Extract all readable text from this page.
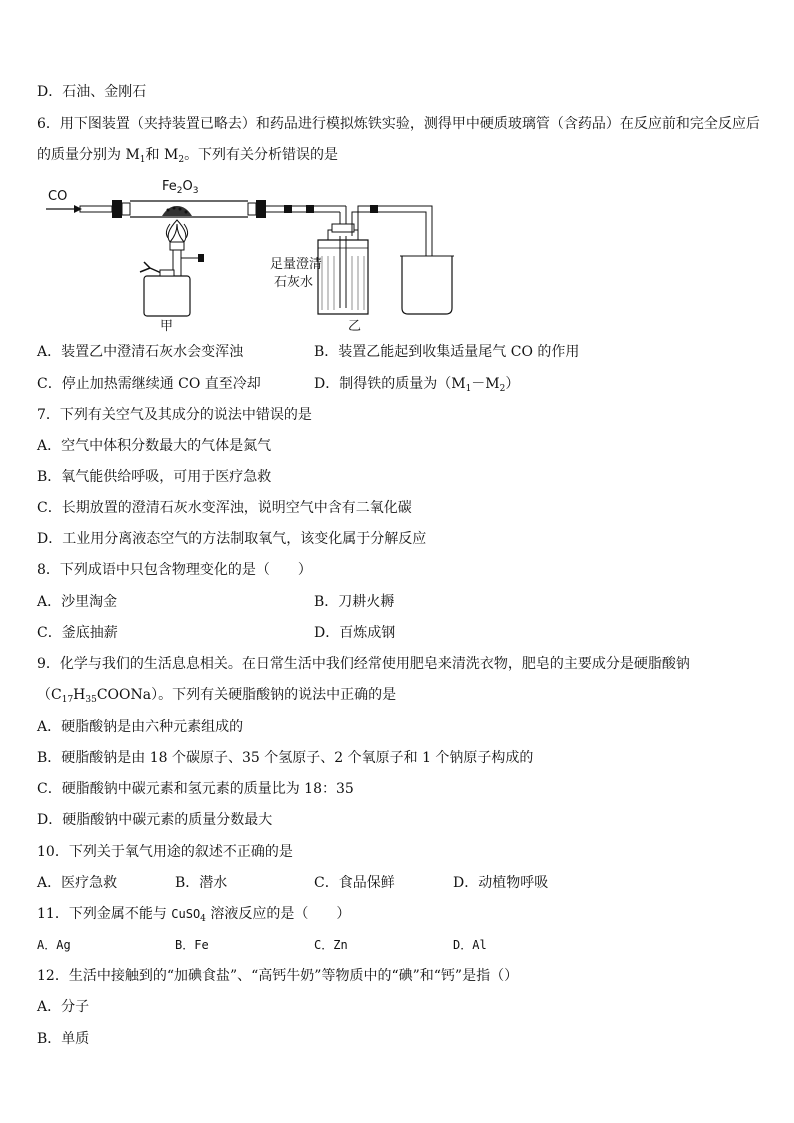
D．石油、金刚石
6．用下图装置（夹持装置已略去）和药品进行模拟炼铁实验，测得甲中硬质玻璃管（含药品）在反应前和完全反应后
的质量分别为 $M_1$和 $M_2$。下列有关分析错误的是
CO
$Fe_2O_3$
甲
足量澄清
石灰水
乙
A．装置乙中澄清石灰水会变浑浊	B．装置乙能起到收集适量尾气 CO 的作用
C．停止加热需继续通 CO 直至冷却	D．制得铁的质量为$(M_1-M_2)$
7．下列有关空气及其成分的说法中错误的是
A．空气中体积分数最大的气体是氮气
B．氧气能供给呼吸，可用于医疗急救
C．长期放置的澄清石灰水变浑浊，说明空气中含有二氧化碳
D．工业用分离液态空气的方法制取氧气，该变化属于分解反应
8．下列成语中只包含物理变化的是（　　）
A．沙里淘金	B．刀耕火耨
C．釜底抽薪	D．百炼成钢
9．化学与我们的生活息息相关。在日常生活中我们经常使用肥皂来清洗衣物，肥皂的主要成分是硬脂酸钠
$(C_{17}H_{35}COONa)$。下列有关硬脂酸钠的说法中正确的是
A．硬脂酸钠是由六种元素组成的
B．硬脂酸钠是由 18 个碳原子、35 个氢原子、2 个氧原子和 1 个钠原子构成的
C．硬脂酸钠中碳元素和氢元素的质量比为 18：35
D．硬脂酸钠中碳元素的质量分数最大
10．下列关于氧气用途的叙述不正确的是
A．医疗急救	B．潜水	C．食品保鲜	D．动植物呼吸
11．下列金属不能与 CuSO$_4$ 溶液反应的是（　　）
A．Ag	B．Fe	C．Zn	D．Al
12．生活中接触到的“加碘食盐”、“高钙牛奶”等物质中的“碘”和“钙”是指（）
A．分子
B．单质
